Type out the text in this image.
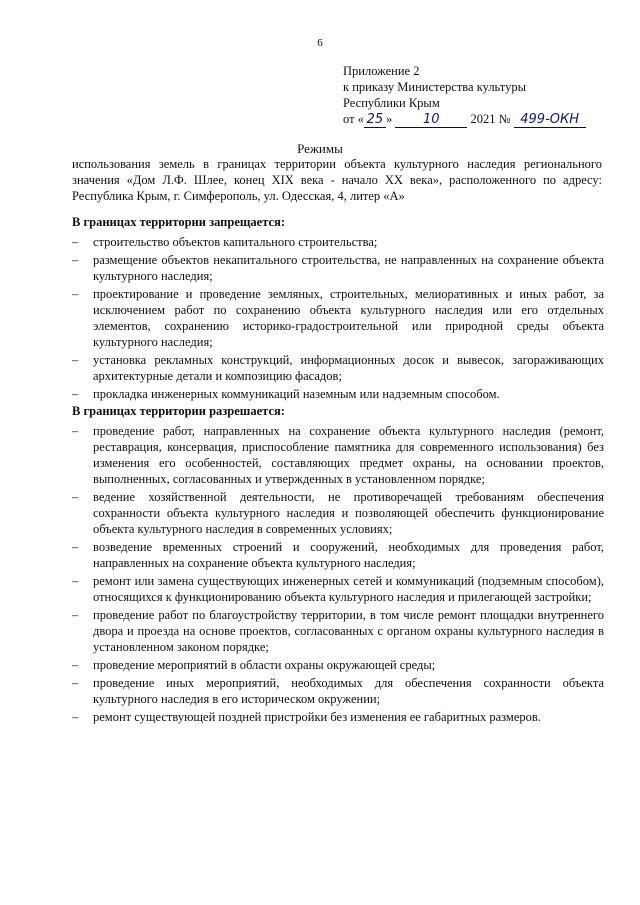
6
Приложение 2
к приказу Министерства культуры
Республики Крым
от « 25 » 10 2021 № 499-ОКН
Режимы
использования земель в границах территории объекта культурного наследия регионального значения «Дом Л.Ф. Шлее, конец XIX века - начало XX века», расположенного по адресу: Республика Крым, г. Симферополь, ул. Одесская, 4, литер «А»
В границах территории запрещается:
– строительство объектов капитального строительства;
– размещение объектов некапитального строительства, не направленных на сохранение объекта культурного наследия;
– проектирование и проведение земляных, строительных, мелиоративных и иных работ, за исключением работ по сохранению объекта культурного наследия или его отдельных элементов, сохранению историко-градостроительной или природной среды объекта культурного наследия;
– установка рекламных конструкций, информационных досок и вывесок, загораживающих архитектурные детали и композицию фасадов;
– прокладка инженерных коммуникаций наземным или надземным способом.
В границах территории разрешается:
– проведение работ, направленных на сохранение объекта культурного наследия (ремонт, реставрация, консервация, приспособление памятника для современного использования) без изменения его особенностей, составляющих предмет охраны, на основании проектов, выполненных, согласованных и утвержденных в установленном порядке;
– ведение хозяйственной деятельности, не противоречащей требованиям обеспечения сохранности объекта культурного наследия и позволяющей обеспечить функционирование объекта культурного наследия в современных условиях;
– возведение временных строений и сооружений, необходимых для проведения работ, направленных на сохранение объекта культурного наследия;
– ремонт или замена существующих инженерных сетей и коммуникаций (подземным способом), относящихся к функционированию объекта культурного наследия и прилегающей застройки;
– проведение работ по благоустройству территории, в том числе ремонт площадки внутреннего двора и проезда на основе проектов, согласованных с органом охраны культурного наследия в установленном законом порядке;
– проведение мероприятий в области охраны окружающей среды;
– проведение иных мероприятий, необходимых для обеспечения сохранности объекта культурного наследия в его историческом окружении;
– ремонт существующей поздней пристройки без изменения ее габаритных размеров.
